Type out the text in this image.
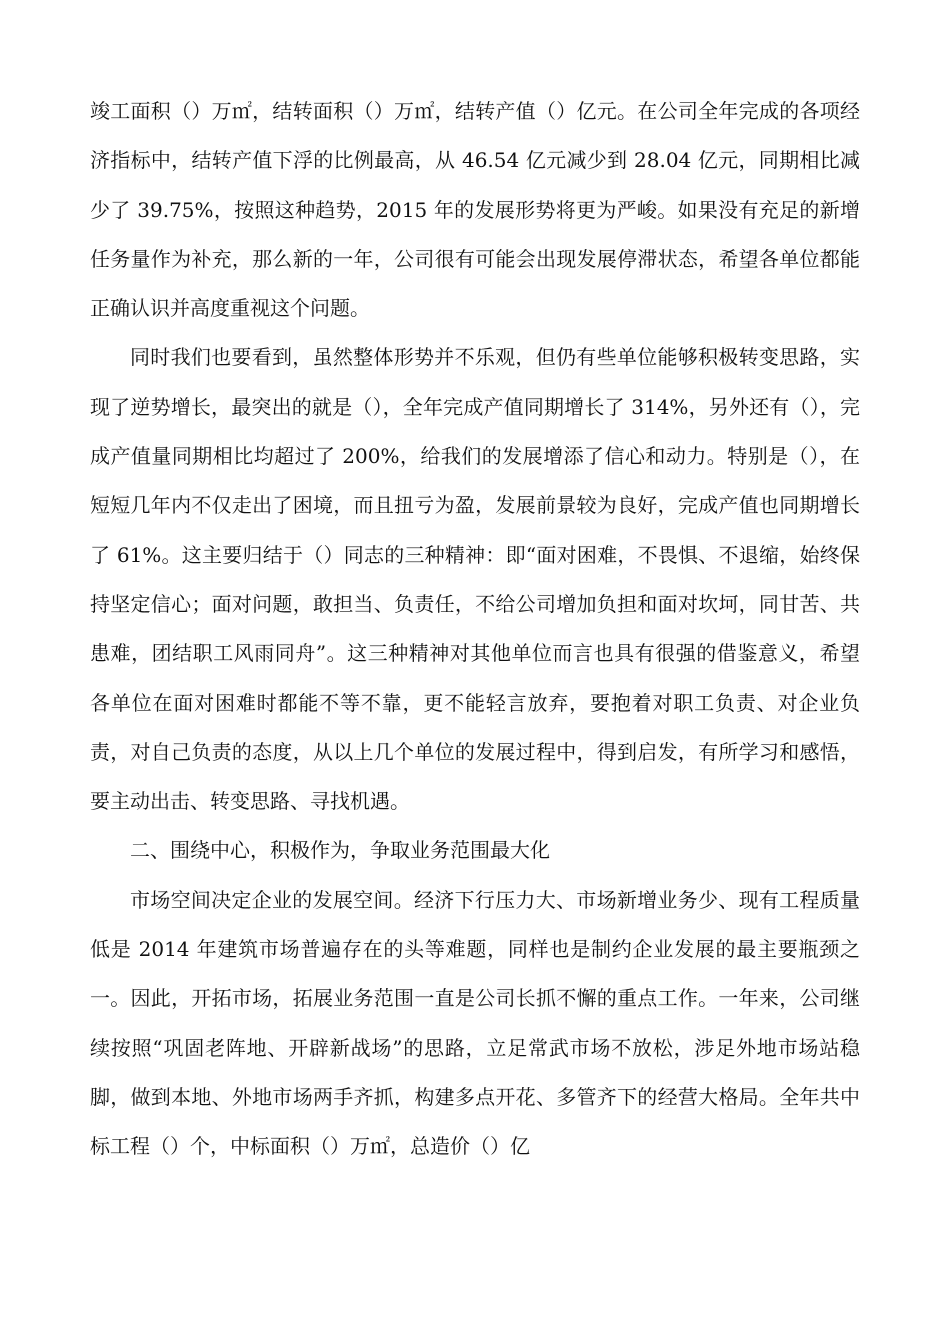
竣工面积（）万㎡，结转面积（）万㎡，结转产值（）亿元。在公司全年完成的各项经济指标中，结转产值下浮的比例最高，从 46.54 亿元减少到 28.04 亿元，同期相比减少了 39.75%，按照这种趋势，2015 年的发展形势将更为严峻。如果没有充足的新增任务量作为补充，那么新的一年，公司很有可能会出现发展停滞状态，希望各单位都能正确认识并高度重视这个问题。

同时我们也要看到，虽然整体形势并不乐观，但仍有些单位能够积极转变思路，实现了逆势增长，最突出的就是（），全年完成产值同期增长了 314%，另外还有（），完成产值量同期相比均超过了 200%，给我们的发展增添了信心和动力。特别是（），在短短几年内不仅走出了困境，而且扭亏为盈，发展前景较为良好，完成产值也同期增长了 61%。这主要归结于（）同志的三种精神：即“面对困难，不畏惧、不退缩，始终保持坚定信心；面对问题，敢担当、负责任，不给公司增加负担和面对坎坷，同甘苦、共患难，团结职工风雨同舟”。这三种精神对其他单位而言也具有很强的借鉴意义，希望各单位在面对困难时都能不等不靠，更不能轻言放弃，要抱着对职工负责、对企业负责，对自己负责的态度，从以上几个单位的发展过程中，得到启发，有所学习和感悟，要主动出击、转变思路、寻找机遇。

二、围绕中心，积极作为，争取业务范围最大化

市场空间决定企业的发展空间。经济下行压力大、市场新增业务少、现有工程质量低是 2014 年建筑市场普遍存在的头等难题，同样也是制约企业发展的最主要瓶颈之一。因此，开拓市场，拓展业务范围一直是公司长抓不懈的重点工作。一年来，公司继续按照“巩固老阵地、开辟新战场”的思路，立足常武市场不放松，涉足外地市场站稳脚，做到本地、外地市场两手齐抓，构建多点开花、多管齐下的经营大格局。全年共中标工程（）个，中标面积（）万㎡，总造价（）亿
